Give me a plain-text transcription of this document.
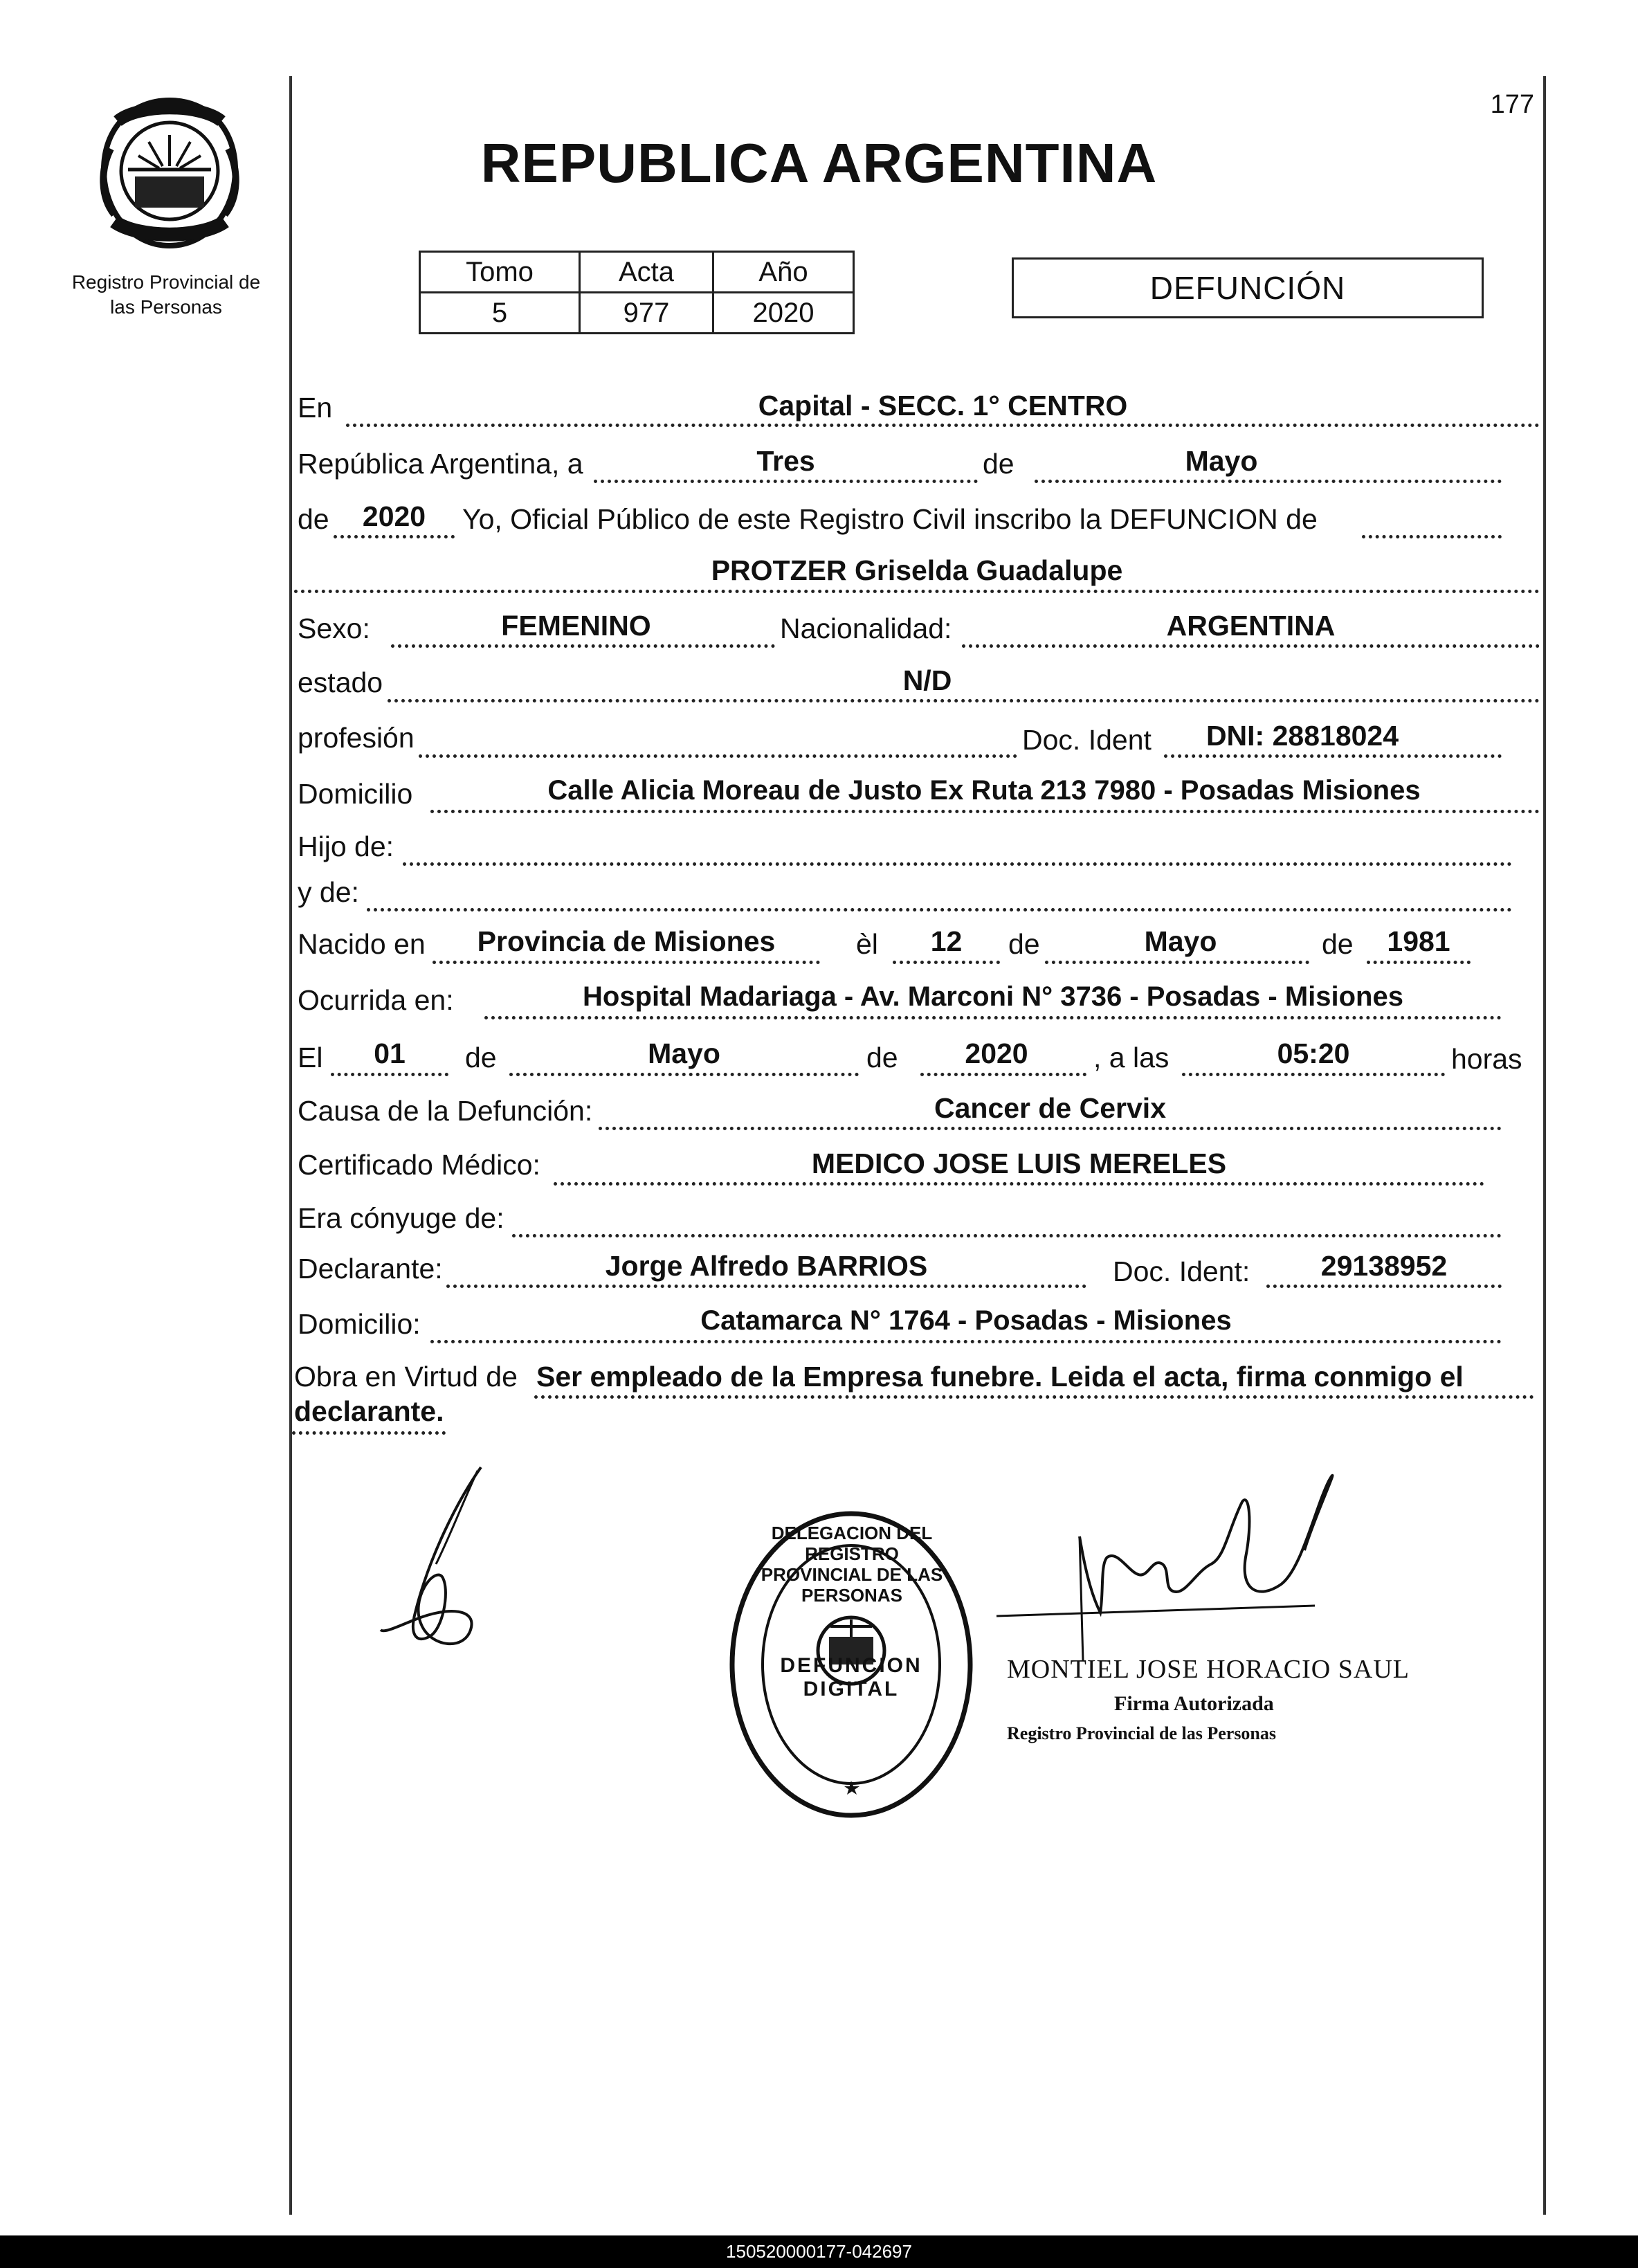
Registro Provincial de
las Personas
177
REPUBLICA ARGENTINA
Tomo	Acta	Año
5	977	2020
DEFUNCIÓN
En	Capital - SECC. 1° CENTRO
República Argentina, a	Tres	de	Mayo
de	2020	Yo, Oficial Público de este Registro Civil inscribo la DEFUNCION de
PROTZER Griselda Guadalupe
Sexo:	FEMENINO	Nacionalidad:	ARGENTINA
estado	N/D
profesión	Doc. Ident	DNI: 28818024
Domicilio	Calle Alicia Moreau de Justo Ex Ruta 213 7980 - Posadas Misiones
Hijo de:
y de:
Nacido en	Provincia de Misiones	èl	12	de	Mayo	de	1981
Ocurrida en:	Hospital Madariaga - Av. Marconi N° 3736 - Posadas - Misiones
El	01	de	Mayo	de	2020	, a las	05:20	horas
Causa de la Defunción:	Cancer de Cervix
Certificado Médico:	MEDICO JOSE LUIS MERELES
Era cónyuge de:
Declarante:	Jorge Alfredo BARRIOS	Doc. Ident:	29138952
Domicilio:	Catamarca N° 1764 - Posadas - Misiones
Obra en Virtud de Ser empleado de la Empresa funebre. Leida el acta, firma conmigo el
declarante.
DELEGACION DEL REGISTRO PROVINCIAL DE LAS PERSONAS
DEFUNCION DIGITAL
MONTIEL JOSE HORACIO SAUL
Firma Autorizada
Registro Provincial de las Personas
150520000177-042697
